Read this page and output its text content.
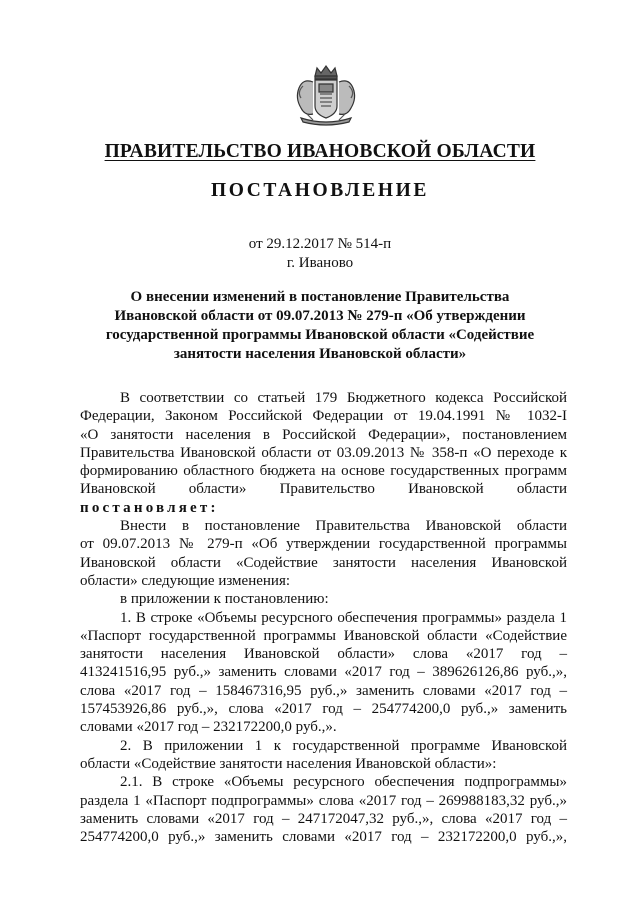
ПРАВИТЕЛЬСТВО ИВАНОВСКОЙ ОБЛАСТИ
ПОСТАНОВЛЕНИЕ
от 29.12.2017 № 514-п
г. Иваново
О внесении изменений в постановление Правительства
Ивановской области от 09.07.2013 № 279-п «Об утверждении
государственной программы Ивановской области «Содействие
занятости населения Ивановской области»
В соответствии со статьей 179 Бюджетного кодекса Российской
Федерации, Законом Российской Федерации от 19.04.1991 № 1032-I
«О занятости населения в Российской Федерации», постановлением
Правительства Ивановской области от 03.09.2013 № 358-п «О переходе к
формированию областного бюджета на основе государственных программ
Ивановской области» Правительство Ивановской области
постановляет:
Внести в постановление Правительства Ивановской области
от 09.07.2013 № 279-п «Об утверждении государственной программы
Ивановской области «Содействие занятости населения Ивановской
области» следующие изменения:
в приложении к постановлению:
1. В строке «Объемы ресурсного обеспечения программы» раздела 1
«Паспорт государственной программы Ивановской области «Содействие
занятости населения Ивановской области» слова «2017 год –
413241516,95 руб.,» заменить словами «2017 год – 389626126,86 руб.,»,
слова «2017 год – 158467316,95 руб.,» заменить словами «2017 год –
157453926,86 руб.,», слова «2017 год – 254774200,0 руб.,» заменить
словами «2017 год – 232172200,0 руб.,».
2. В приложении 1 к государственной программе Ивановской
области «Содействие занятости населения Ивановской области»:
2.1. В строке «Объемы ресурсного обеспечения подпрограммы»
раздела 1 «Паспорт подпрограммы» слова «2017 год – 269988183,32 руб.,»
заменить словами «2017 год – 247172047,32 руб.,», слова «2017 год –
254774200,0 руб.,» заменить словами «2017 год – 232172200,0 руб.,»,
